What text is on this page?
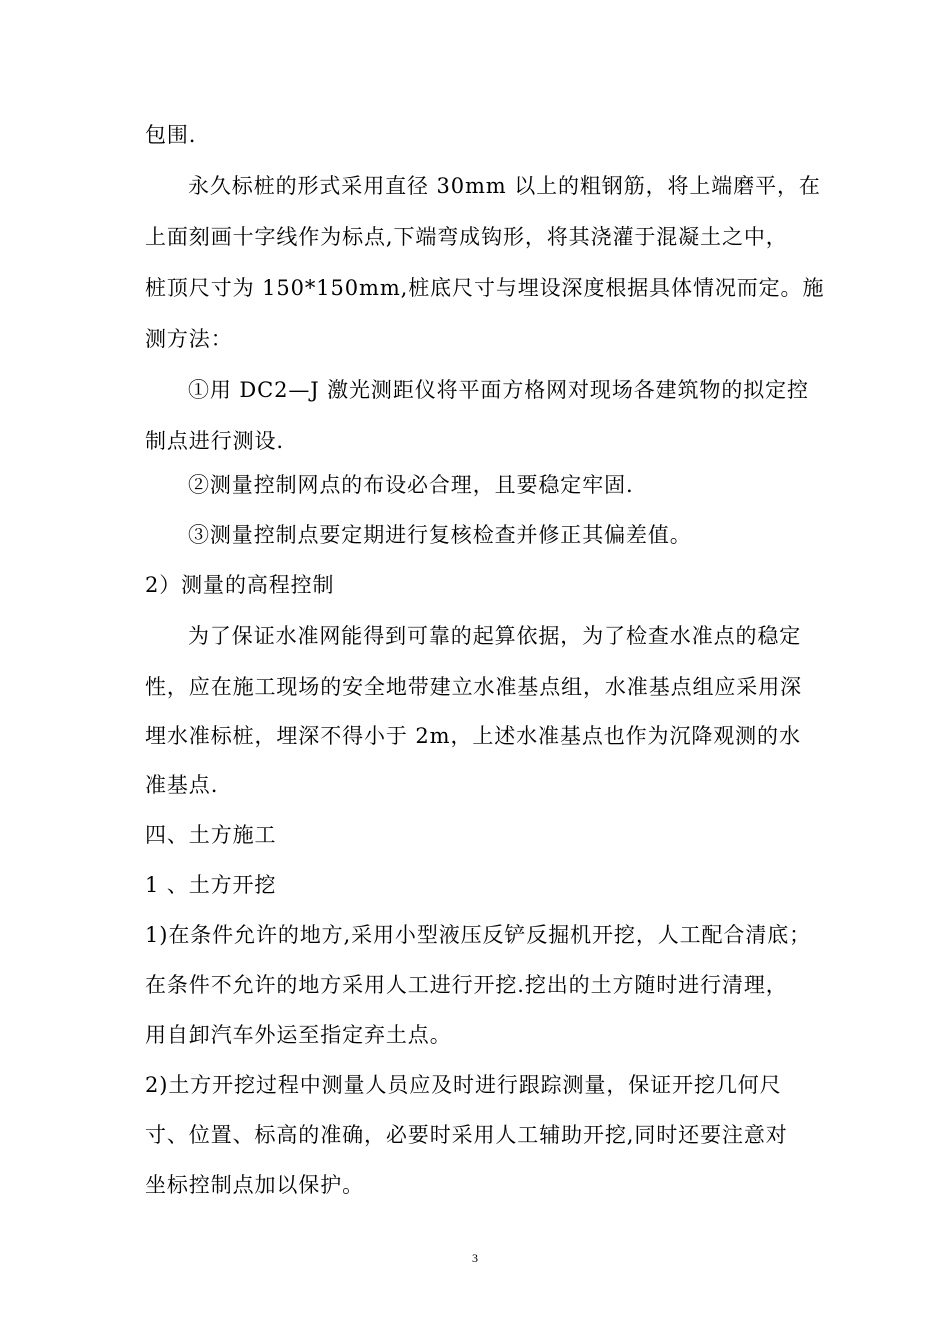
包围.
永久标桩的形式采用直径 30mm 以上的粗钢筋，将上端磨平，在
上面刻画十字线作为标点,下端弯成钩形，将其浇灌于混凝土之中，
桩顶尺寸为 150*150mm,桩底尺寸与埋设深度根据具体情况而定。施
测方法：
①用 DC2—J 激光测距仪将平面方格网对现场各建筑物的拟定控
制点进行测设.
②测量控制网点的布设必合理，且要稳定牢固.
③测量控制点要定期进行复核检查并修正其偏差值。
2）测量的高程控制
为了保证水准网能得到可靠的起算依据，为了检查水准点的稳定
性，应在施工现场的安全地带建立水准基点组，水准基点组应采用深
埋水准标桩，埋深不得小于 2m，上述水准基点也作为沉降观测的水
准基点.
四、土方施工
1 、土方开挖
1)在条件允许的地方,采用小型液压反铲反掘机开挖，人工配合清底；
在条件不允许的地方采用人工进行开挖.挖出的土方随时进行清理，
用自卸汽车外运至指定弃土点。
2)土方开挖过程中测量人员应及时进行跟踪测量，保证开挖几何尺
寸、位置、标高的准确，必要时采用人工辅助开挖,同时还要注意对
坐标控制点加以保护。
3
